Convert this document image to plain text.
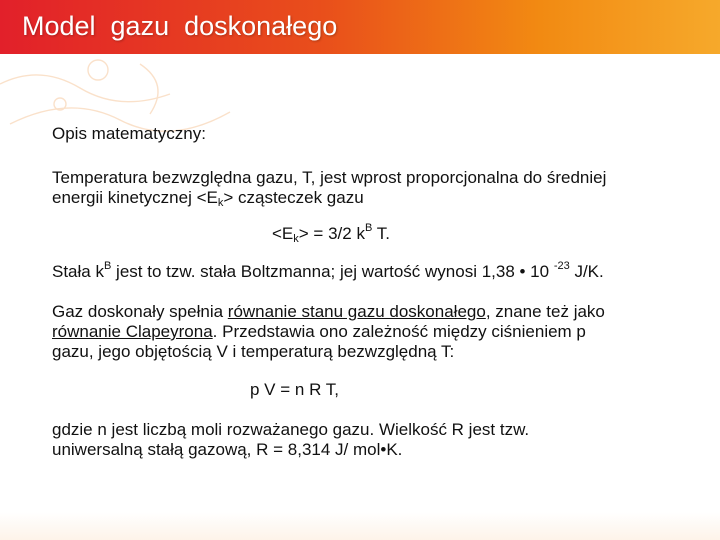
Model  gazu  doskonałego

Opis matematyczny:

Temperatura bezwzględna gazu, T, jest wprost proporcjonalna do średniej

energii kinetycznej $<E_k>$ cząsteczek gazu

$<E_k> = 3/2$ $k^B$ T.

Stała $k^B$ jest to tzw. stała Boltzmanna; jej wartość wynosi 1,38 • 10 $^{-23}$ J/K.

Gaz doskonały spełnia równanie stanu gazu doskonałego, znane też jako

równanie Clapeyrona. Przedstawia ono zależność między ciśnieniem p

gazu, jego objętością V i temperaturą bezwzględną T:

p V = n R T,

gdzie n jest liczbą moli rozważanego gazu. Wielkość R jest tzw.

uniwersalną stałą gazową, R = 8,314 J/ mol•K.
